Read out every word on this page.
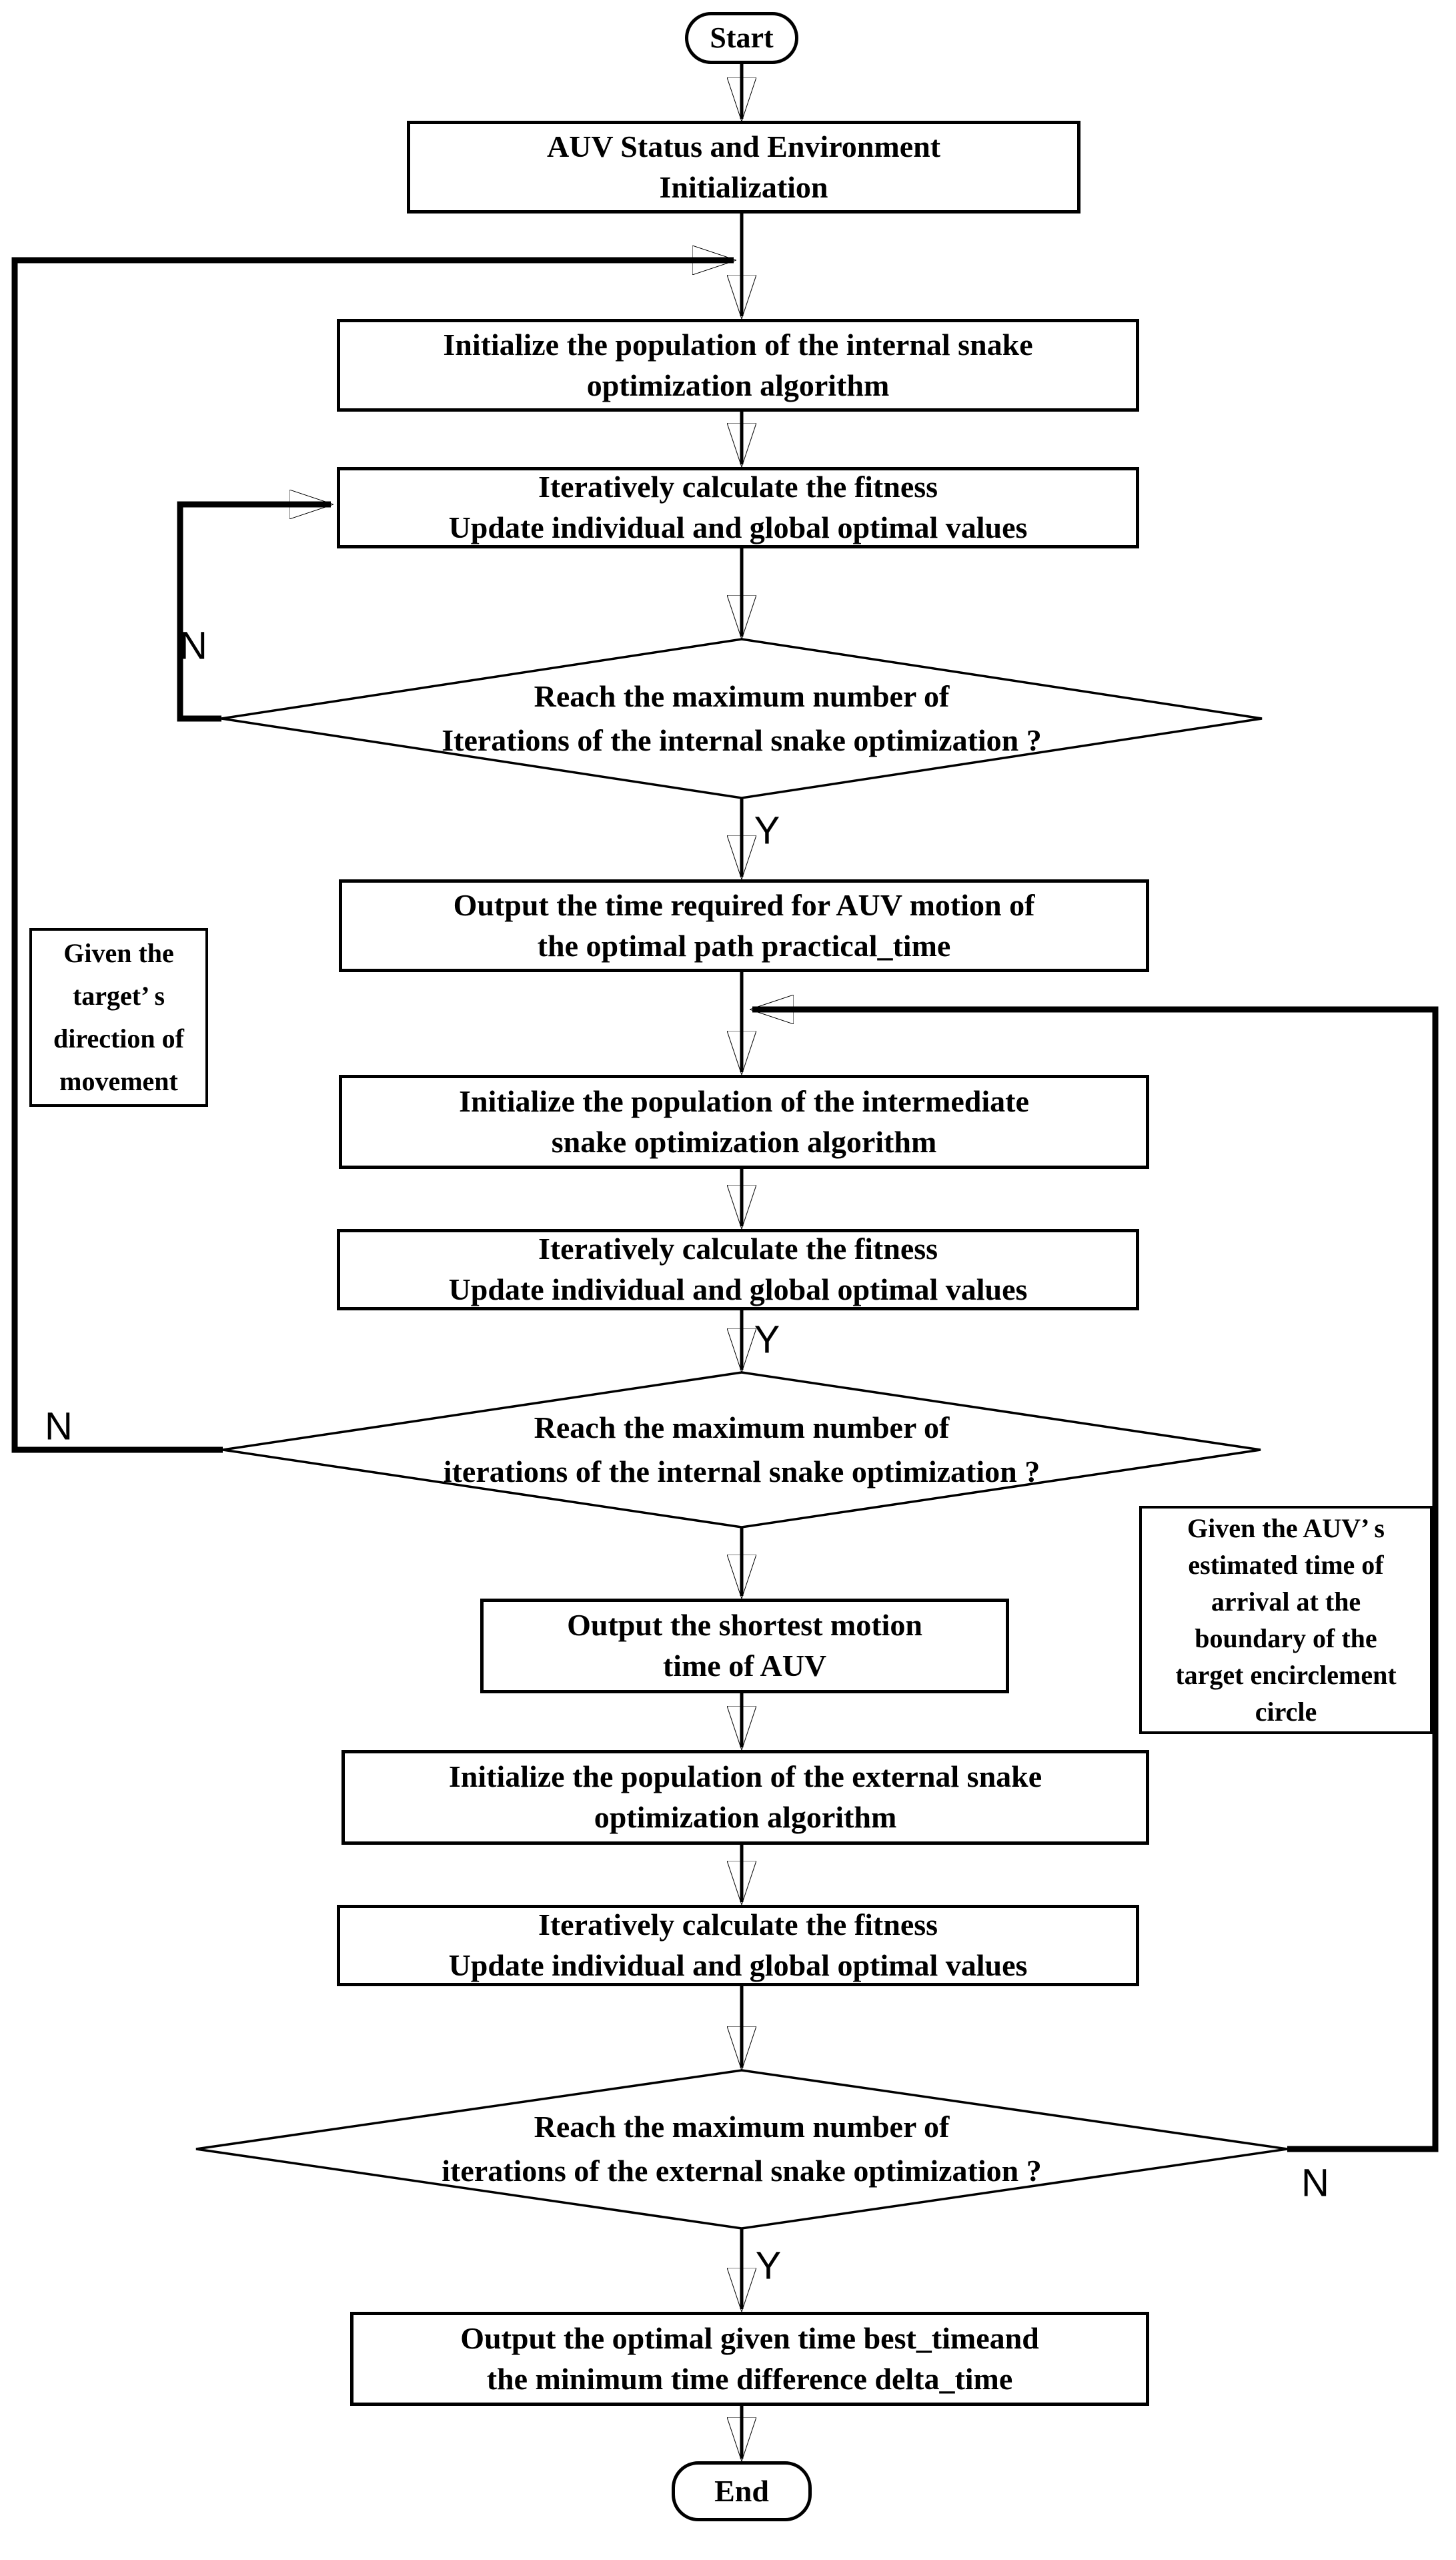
Start
End
AUV Status and Environment
Initialization
Initialize the population of the internal snake
optimization algorithm
Iteratively calculate the fitness
Update individual and global optimal values
Output the time required for AUV motion of
the optimal path practical_time
Initialize the population of the intermediate
snake optimization algorithm
Iteratively calculate the fitness
Update individual and global optimal values
Output the shortest motion
time of AUV
Initialize the population of the external snake
optimization algorithm
Iteratively calculate the fitness
Update individual and global optimal values
Output the optimal given time best_timeand
the minimum time difference delta_time
Given the
target’ s
direction of
movement
Given the AUV’ s
estimated time of
arrival at the
boundary of the
target encirclement
circle
Reach the maximum number of
Iterations of the internal snake optimization ?
Reach the maximum number of
iterations of the internal snake optimization ?
Reach the maximum number of
iterations of the external snake optimization ?
N
Y
Y
N
N
Y
